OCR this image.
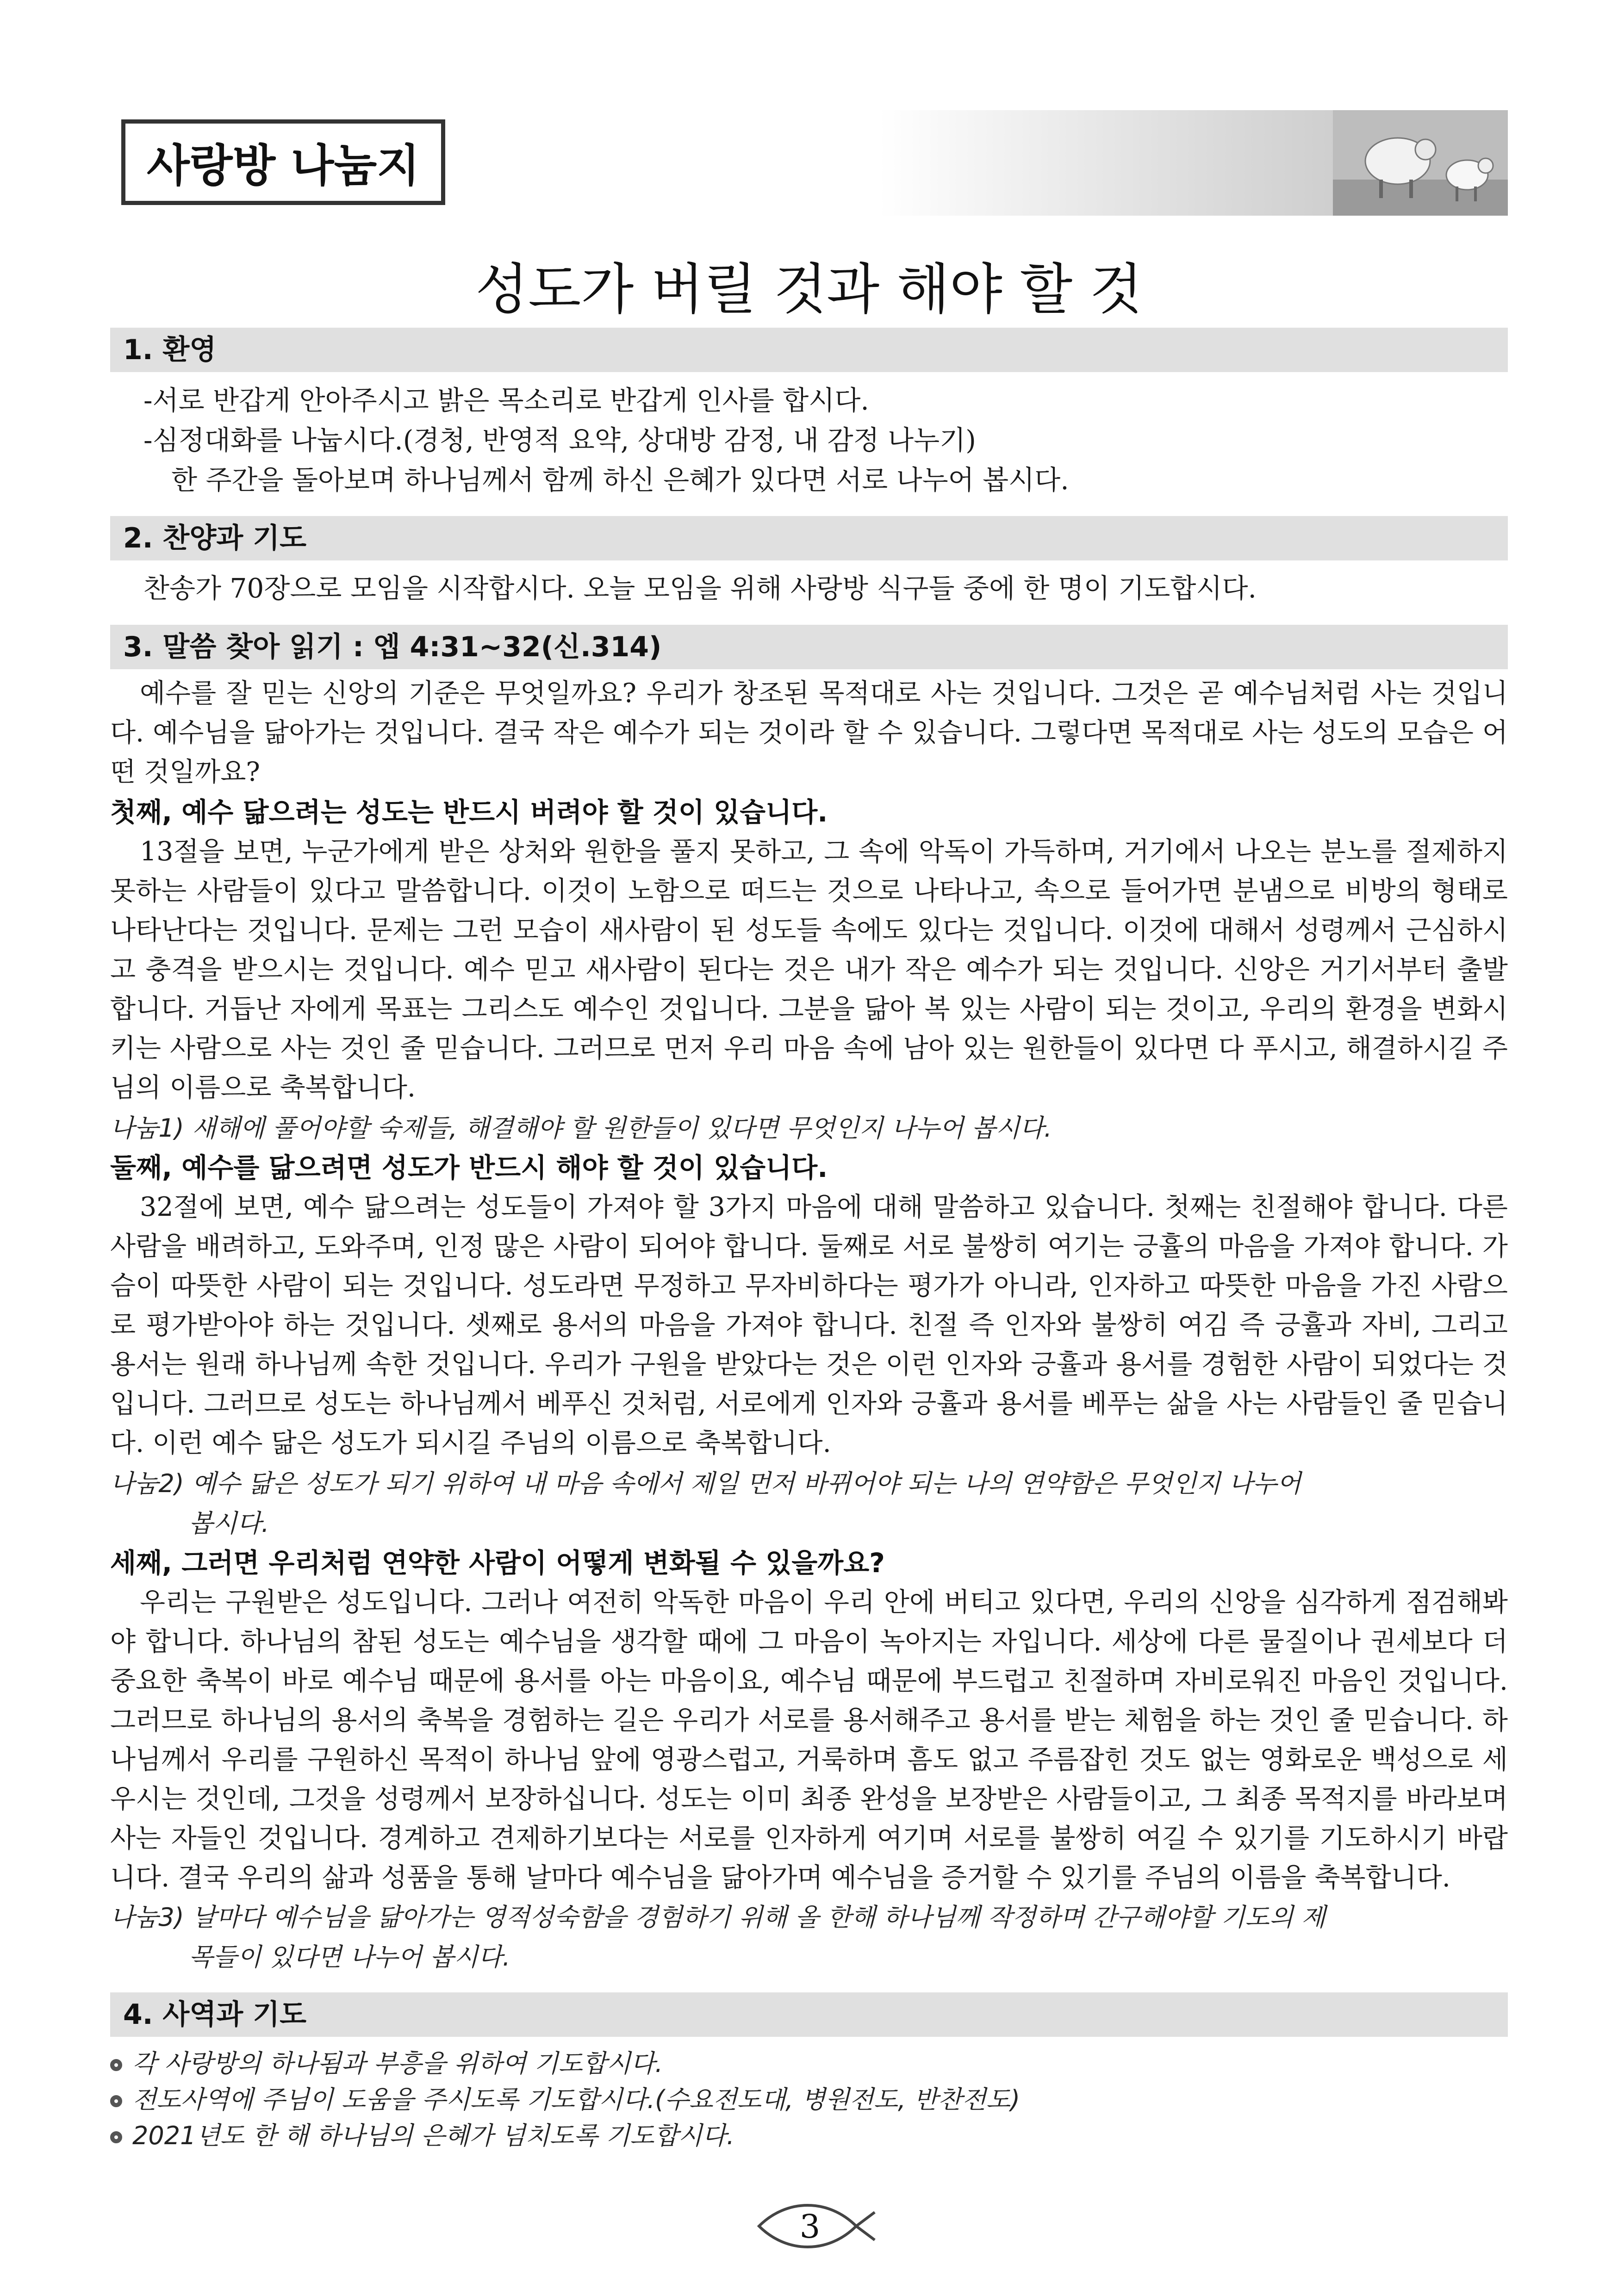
사랑방 나눔지
성도가 버릴 것과 해야 할 것
1. 환영
-서로 반갑게 안아주시고 밝은 목소리로 반갑게 인사를 합시다.
-심정대화를 나눕시다.(경청, 반영적 요약, 상대방 감정, 내 감정 나누기)
한 주간을 돌아보며 하나님께서 함께 하신 은혜가 있다면 서로 나누어 봅시다.
2. 찬양과 기도
찬송가 70장으로 모임을 시작합시다. 오늘 모임을 위해 사랑방 식구들 중에 한 명이 기도합시다.
3. 말씀 찾아 읽기 : 엡 4:31~32(신.314)
예수를 잘 믿는 신앙의 기준은 무엇일까요? 우리가 창조된 목적대로 사는 것입니다. 그것은 곧 예수님처럼 사는 것입니다. 예수님을 닮아가는 것입니다. 결국 작은 예수가 되는 것이라 할 수 있습니다. 그렇다면 목적대로 사는 성도의 모습은 어떤 것일까요?
첫째, 예수 닮으려는 성도는 반드시 버려야 할 것이 있습니다.
13절을 보면, 누군가에게 받은 상처와 원한을 풀지 못하고, 그 속에 악독이 가득하며, 거기에서 나오는 분노를 절제하지 못하는 사람들이 있다고 말씀합니다. 이것이 노함으로 떠드는 것으로 나타나고, 속으로 들어가면 분냄으로 비방의 형태로 나타난다는 것입니다. 문제는 그런 모습이 새사람이 된 성도들 속에도 있다는 것입니다. 이것에 대해서 성령께서 근심하시고 충격을 받으시는 것입니다. 예수 믿고 새사람이 된다는 것은 내가 작은 예수가 되는 것입니다. 신앙은 거기서부터 출발합니다. 거듭난 자에게 목표는 그리스도 예수인 것입니다. 그분을 닮아 복 있는 사람이 되는 것이고, 우리의 환경을 변화시키는 사람으로 사는 것인 줄 믿습니다. 그러므로 먼저 우리 마음 속에 남아 있는 원한들이 있다면 다 푸시고, 해결하시길 주님의 이름으로 축복합니다.
나눔1) 새해에 풀어야할 숙제들, 해결해야 할 원한들이 있다면 무엇인지 나누어 봅시다.
둘째, 예수를 닮으려면 성도가 반드시 해야 할 것이 있습니다.
32절에 보면, 예수 닮으려는 성도들이 가져야 할 3가지 마음에 대해 말씀하고 있습니다. 첫째는 친절해야 합니다. 다른 사람을 배려하고, 도와주며, 인정 많은 사람이 되어야 합니다. 둘째로 서로 불쌍히 여기는 긍휼의 마음을 가져야 합니다. 가슴이 따뜻한 사람이 되는 것입니다. 성도라면 무정하고 무자비하다는 평가가 아니라, 인자하고 따뜻한 마음을 가진 사람으로 평가받아야 하는 것입니다. 셋째로 용서의 마음을 가져야 합니다. 친절 즉 인자와 불쌍히 여김 즉 긍휼과 자비, 그리고 용서는 원래 하나님께 속한 것입니다. 우리가 구원을 받았다는 것은 이런 인자와 긍휼과 용서를 경험한 사람이 되었다는 것입니다. 그러므로 성도는 하나님께서 베푸신 것처럼, 서로에게 인자와 긍휼과 용서를 베푸는 삶을 사는 사람들인 줄 믿습니다. 이런 예수 닮은 성도가 되시길 주님의 이름으로 축복합니다.
나눔2) 예수 닮은 성도가 되기 위하여 내 마음 속에서 제일 먼저 바뀌어야 되는 나의 연약함은 무엇인지 나누어
봅시다.
세째, 그러면 우리처럼 연약한 사람이 어떻게 변화될 수 있을까요?
우리는 구원받은 성도입니다. 그러나 여전히 악독한 마음이 우리 안에 버티고 있다면, 우리의 신앙을 심각하게 점검해봐야 합니다. 하나님의 참된 성도는 예수님을 생각할 때에 그 마음이 녹아지는 자입니다. 세상에 다른 물질이나 권세보다 더 중요한 축복이 바로 예수님 때문에 용서를 아는 마음이요, 예수님 때문에 부드럽고 친절하며 자비로워진 마음인 것입니다. 그러므로 하나님의 용서의 축복을 경험하는 길은 우리가 서로를 용서해주고 용서를 받는 체험을 하는 것인 줄 믿습니다. 하나님께서 우리를 구원하신 목적이 하나님 앞에 영광스럽고, 거룩하며 흠도 없고 주름잡힌 것도 없는 영화로운 백성으로 세우시는 것인데, 그것을 성령께서 보장하십니다. 성도는 이미 최종 완성을 보장받은 사람들이고, 그 최종 목적지를 바라보며 사는 자들인 것입니다. 경계하고 견제하기보다는 서로를 인자하게 여기며 서로를 불쌍히 여길 수 있기를 기도하시기 바랍니다. 결국 우리의 삶과 성품을 통해 날마다 예수님을 닮아가며 예수님을 증거할 수 있기를 주님의 이름을 축복합니다.
나눔3) 날마다 예수님을 닮아가는 영적성숙함을 경험하기 위해 올 한해 하나님께 작정하며 간구해야할 기도의 제
목들이 있다면 나누어 봅시다.
4. 사역과 기도
각 사랑방의 하나됨과 부흥을 위하여 기도합시다.
전도사역에 주님이 도움을 주시도록 기도합시다.(수요전도대, 병원전도, 반찬전도)
2021년도 한 해 하나님의 은혜가 넘치도록 기도합시다.
3
